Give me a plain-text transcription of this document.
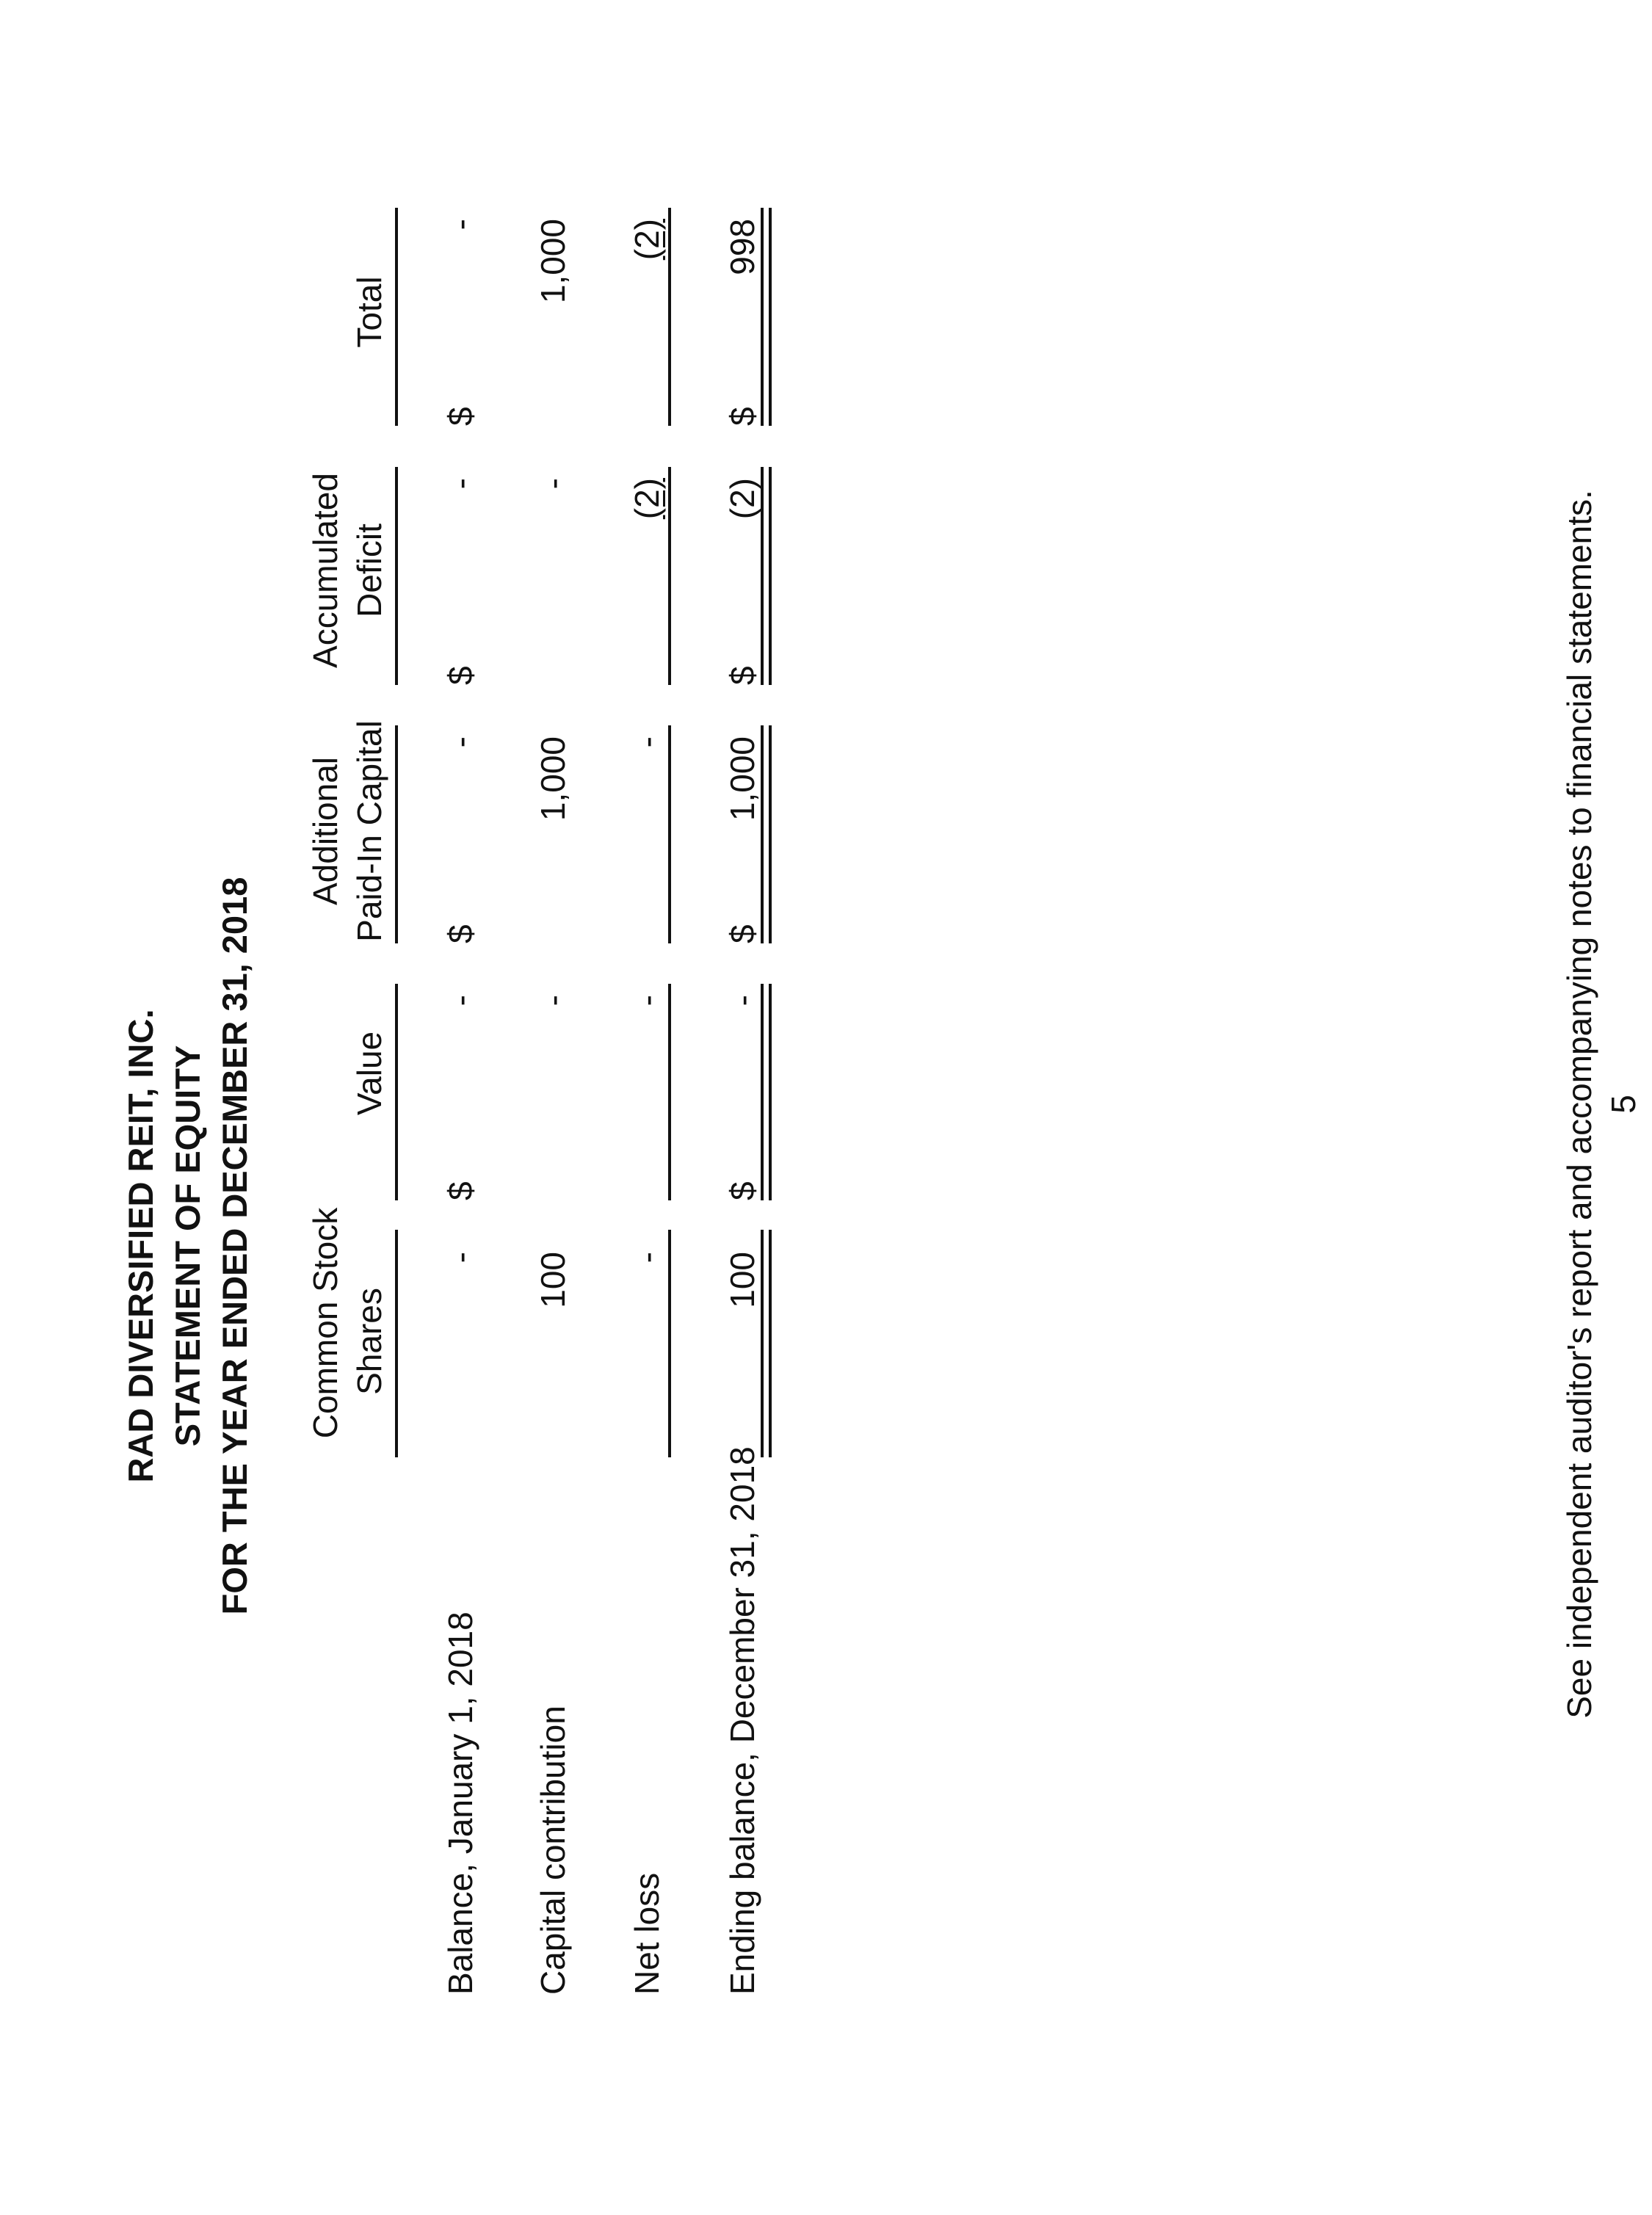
RAD DIVERSIFIED REIT, INC. STATEMENT OF EQUITY FOR THE YEAR ENDED DECEMBER 31, 2018 Common Stock Shares
Value
Additional Paid-In Capital
Accumulated Deficit
Total
Balance, January 1, 2018
-
$
-
$
-
$
-
$
-
Capital contribution
100
-
1,000
-
1,000
Net loss
-
-
-
(2)
(2)
Ending balance, December 31, 2018
100
$
-
$
1,000
$
(2)
$
998
See independent auditor's report and accompanying notes to financial statements. 5
